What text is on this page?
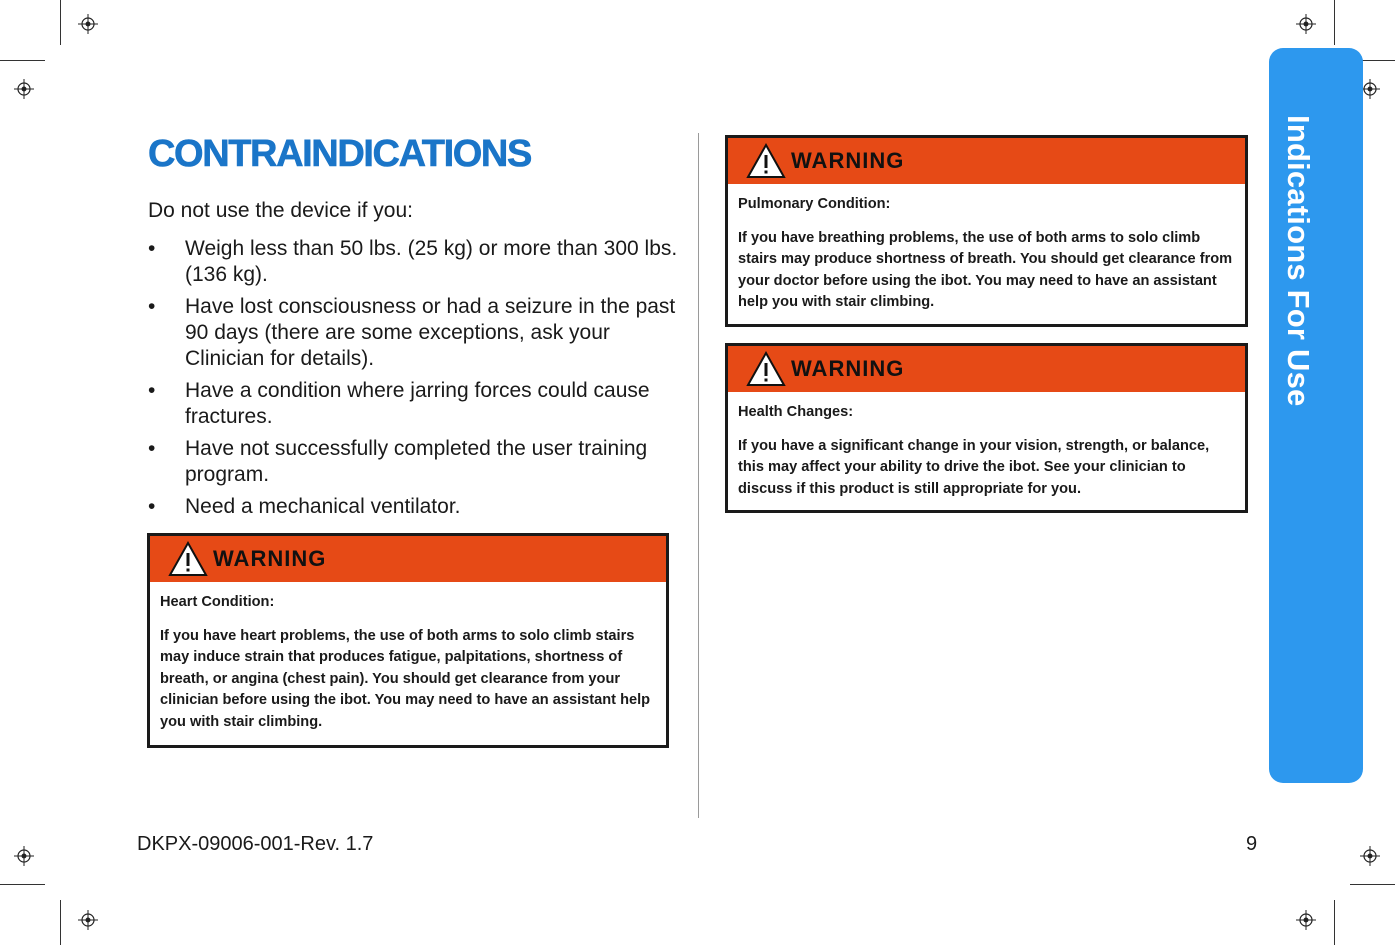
Indications For Use
CONTRAINDICATIONS
Do not use the device if you:
• Weigh less than 50 lbs. (25 kg) or more than 300 lbs. (136 kg).
• Have lost consciousness or had a seizure in the past 90 days (there are some exceptions, ask your Clinician for details).
• Have a condition where jarring forces could cause fractures.
• Have not successfully completed the user training program.
• Need a mechanical ventilator.
WARNING
Heart Condition:
If you have heart problems, the use of both arms to solo climb stairs may induce strain that produces fatigue, palpitations, shortness of breath, or angina (chest pain). You should get clearance from your clinician before using the ibot. You may need to have an assistant help you with stair climbing.
WARNING
Pulmonary Condition:
If you have breathing problems, the use of both arms to solo climb stairs may produce shortness of breath. You should get clearance from your doctor before using the ibot. You may need to have an assistant help you with stair climbing.
WARNING
Health Changes:
If you have a significant change in your vision, strength, or balance, this may affect your ability to drive the ibot. See your clinician to discuss if this product is still appropriate for you.
DKPX-09006-001-Rev. 1.7	9
